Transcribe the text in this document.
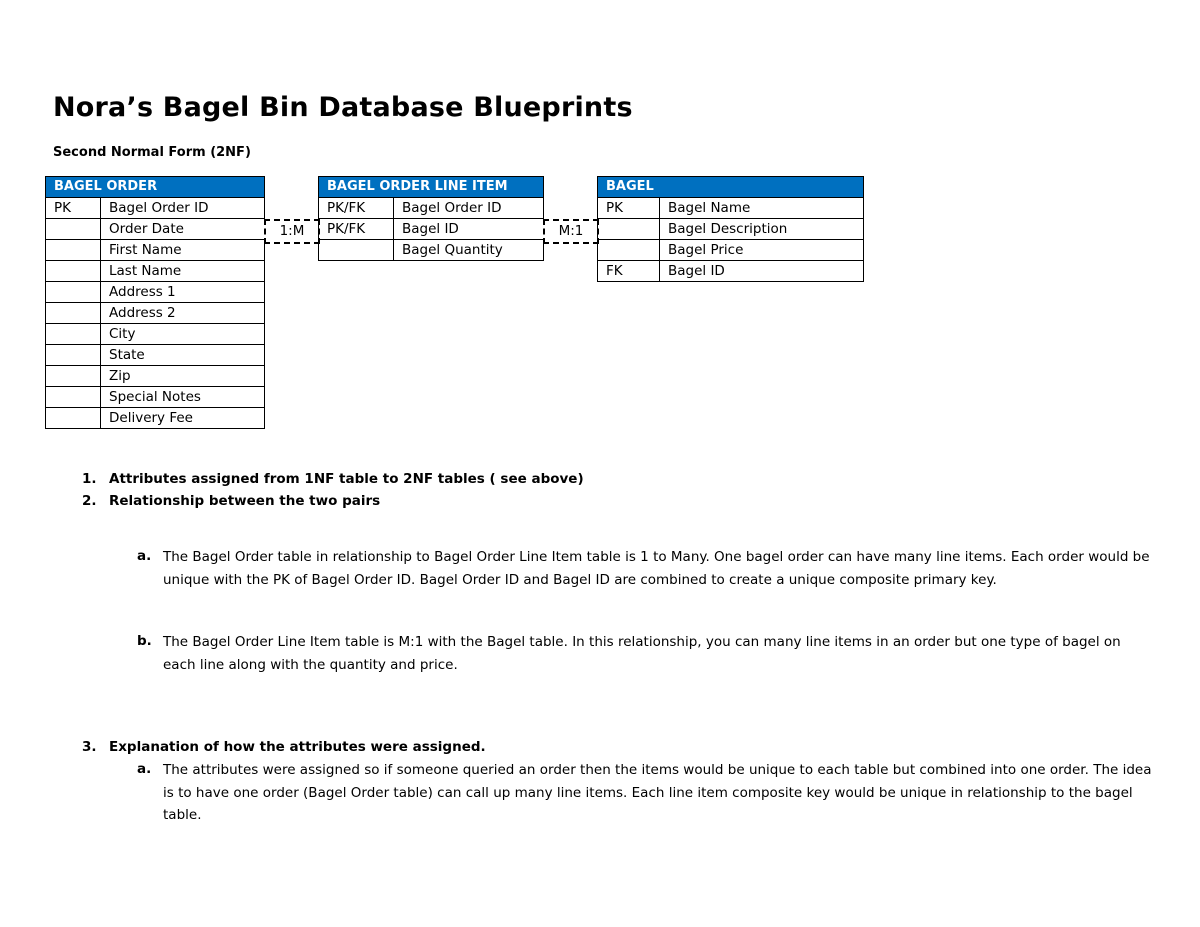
Nora’s Bagel Bin Database Blueprints
Second Normal Form (2NF)
BAGEL ORDER	
PK	Bagel Order ID
	Order Date
	First Name
	Last Name
	Address 1
	Address 2
	City
	State
	Zip
	Special Notes
	Delivery Fee
1:M
BAGEL ORDER LINE ITEM	
PK/FK	Bagel Order ID
PK/FK	Bagel ID
	Bagel Quantity
M:1
BAGEL	
PK	Bagel Name
	Bagel Description
	Bagel Price
FK	Bagel ID
1. Attributes assigned from 1NF table to 2NF tables ( see above)
2. Relationship between the two pairs
a. The Bagel Order table in relationship to Bagel Order Line Item table is 1 to Many. One bagel order can have many line items. Each order would be unique with the PK of Bagel Order ID. Bagel Order ID and Bagel ID are combined to create a unique composite primary key.
b. The Bagel Order Line Item table is M:1 with the Bagel table. In this relationship, you can many line items in an order but one type of bagel on each line along with the quantity and price.
3. Explanation of how the attributes were assigned.
a. The attributes were assigned so if someone queried an order then the items would be unique to each table but combined into one order. The idea is to have one order (Bagel Order table) can call up many line items. Each line item composite key would be unique in relationship to the bagel table.
